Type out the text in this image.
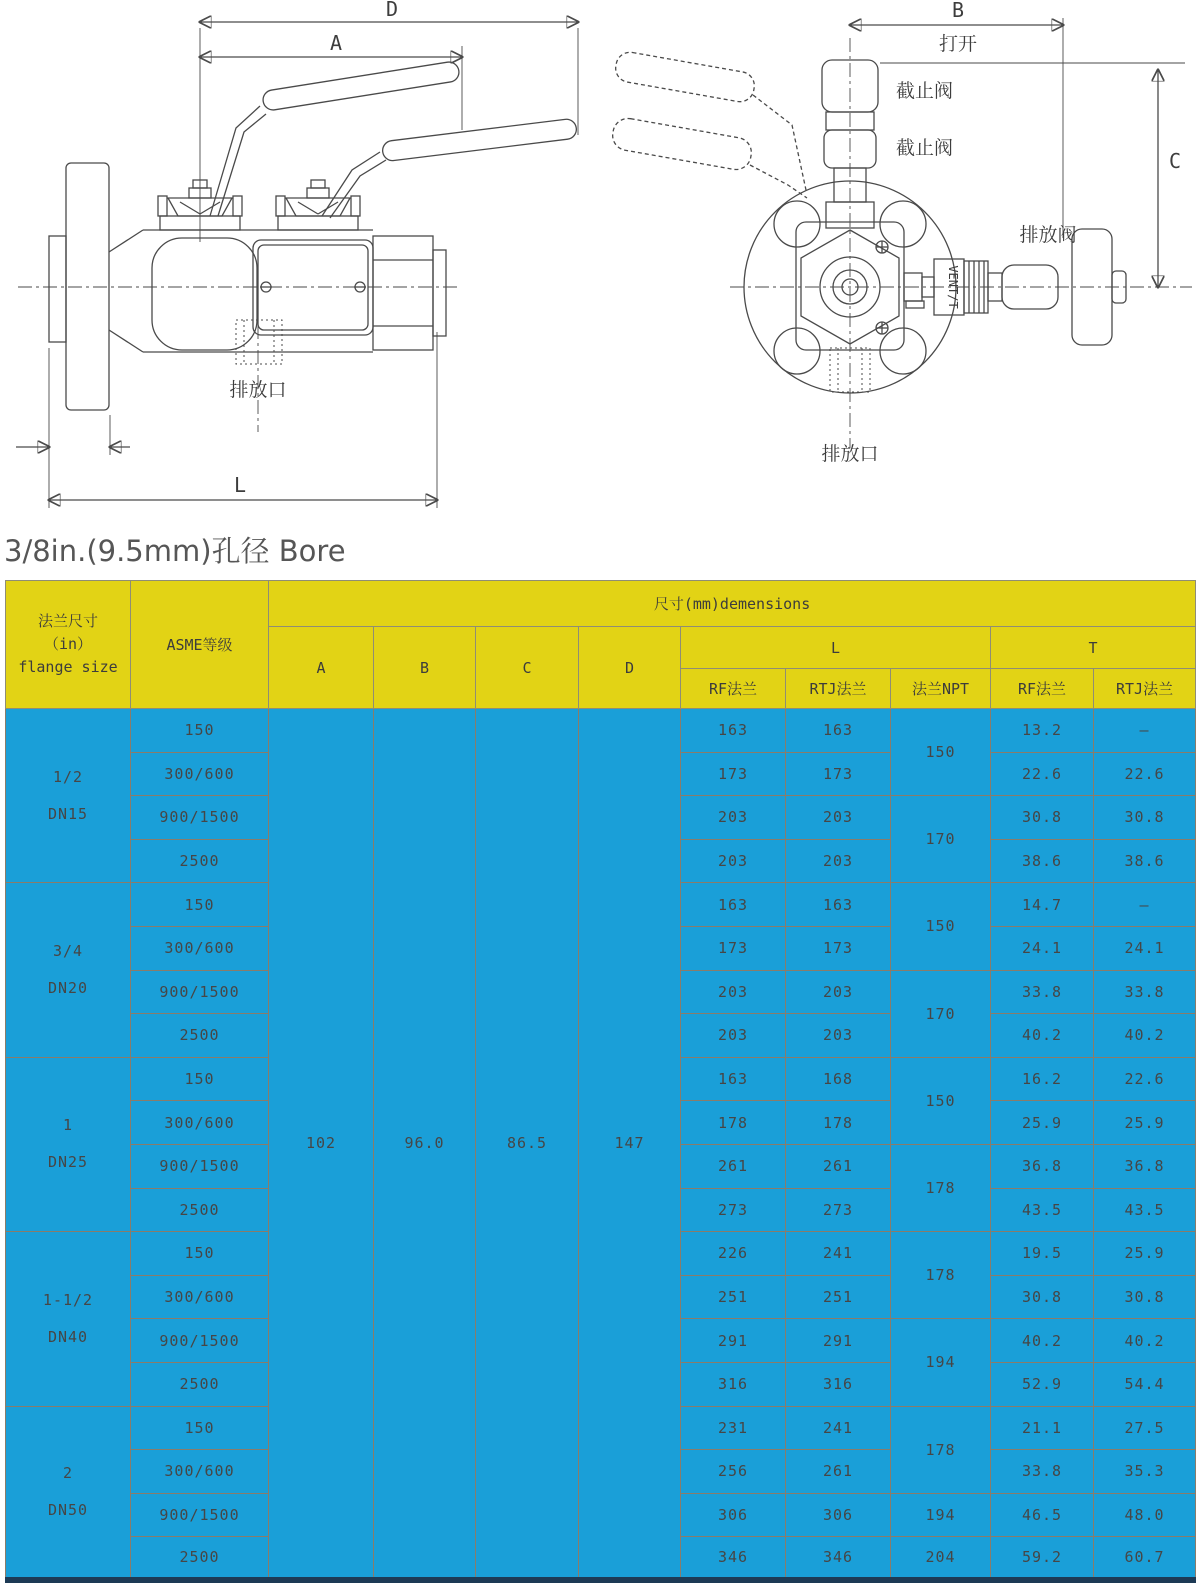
D
A
排放口
L
B
打开
C
截止阀
截止阀
VENT/T
排放阀
排放口
3/8in.(9.5mm)孔径 Bore
法兰尺寸
（in）
flange size	ASME等级	尺寸(mm)demensions								
		A	B	C	D	L			T	
						RF法兰	RTJ法兰	法兰NPT	RF法兰	RTJ法兰

1/2
DN15	150	102	96.0	86.5	147	163	163	150	13.2	–
	300/600					173	173		22.6	22.6
	900/1500					203	203	170	30.8	30.8
	2500					203	203		38.6	38.6

3/4
DN20	150					163	163	150	14.7	–
	300/600					173	173		24.1	24.1
	900/1500					203	203	170	33.8	33.8
	2500					203	203		40.2	40.2

1
DN25	150					163	168	150	16.2	22.6
	300/600					178	178		25.9	25.9
	900/1500					261	261	178	36.8	36.8
	2500					273	273		43.5	43.5

1-1/2
DN40	150					226	241	178	19.5	25.9
	300/600					251	251		30.8	30.8
	900/1500					291	291	194	40.2	40.2
	2500					316	316		52.9	54.4

2
DN50	150					231	241	178	21.1	27.5
	300/600					256	261		33.8	35.3
	900/1500					306	306	194	46.5	48.0
	2500					346	346	204	59.2	60.7
